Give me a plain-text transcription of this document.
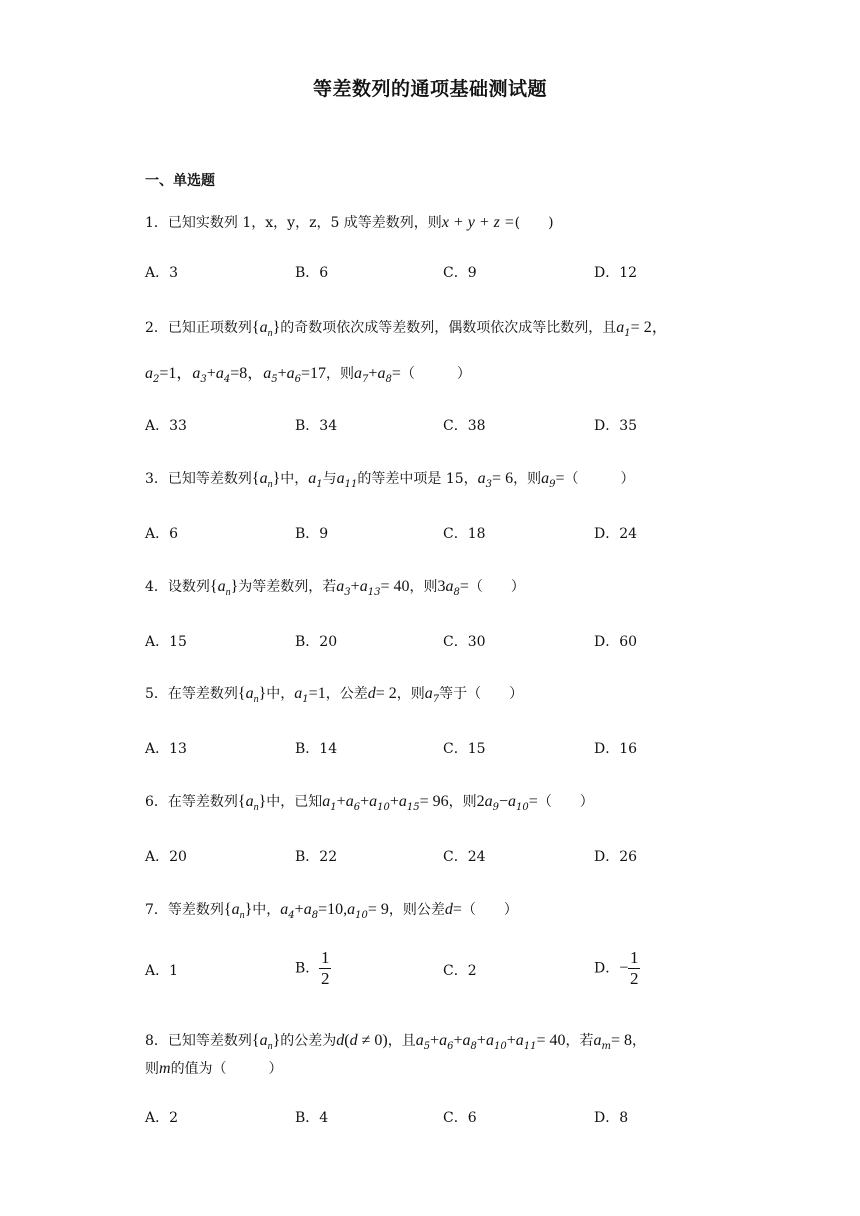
等差数列的通项基础测试题
一、单选题
1．已知实数列 1，x，y，z，5 成等差数列，则x + y + z =(　　)
A．3	B．6	C．9	D．12
2．已知正项数列$\{a_n\}$的奇数项依次成等差数列，偶数项依次成等比数列，且$a_1= 2$，
$a_2=1$，$a_3+a_4=8$，$a_5+a_6=17$，则$a_7+a_8=$（　　　）
A．33	B．34	C．38	D．35
3．已知等差数列$\{a_n\}$中，$a_1$与$a_{11}$的等差中项是 15，$a_3= 6$，则$a_9=$（　　　）
A．6	B．9	C．18	D．24
4．设数列$\{a_n\}$为等差数列，若$a_3+a_{13}= 40$，则$3a_8=$（　　）
A．15	B．20	C．30	D．60
5．在等差数列$\{a_n\}$中，$a_1=1$，公差d= 2，则$a_7$等于（　　）
A．13	B．14	C．15	D．16
6．在等差数列$\{a_n\}$中，已知$a_1+a_6+a_{10}+a_{15}= 96$，则$2a_9-a_{10}=$（　　）
A．20	B．22	C．24	D．26
7．等差数列$\{a_n\}$中，$a_4+a_8=10,a_{10}= 9$，则公差d=（　　）
A．1	B． $\frac{1}{2}$	C．2	D．− $\frac{1}{2}$
8．已知等差数列$\{a_n\}$的公差为d(d ≠ 0)，且$a_5+a_6+a_8+a_{10}+a_{11}= 40$，若$a_m= 8$，
则m的值为（　　　）
A．2	B．4	C．6	D．8
